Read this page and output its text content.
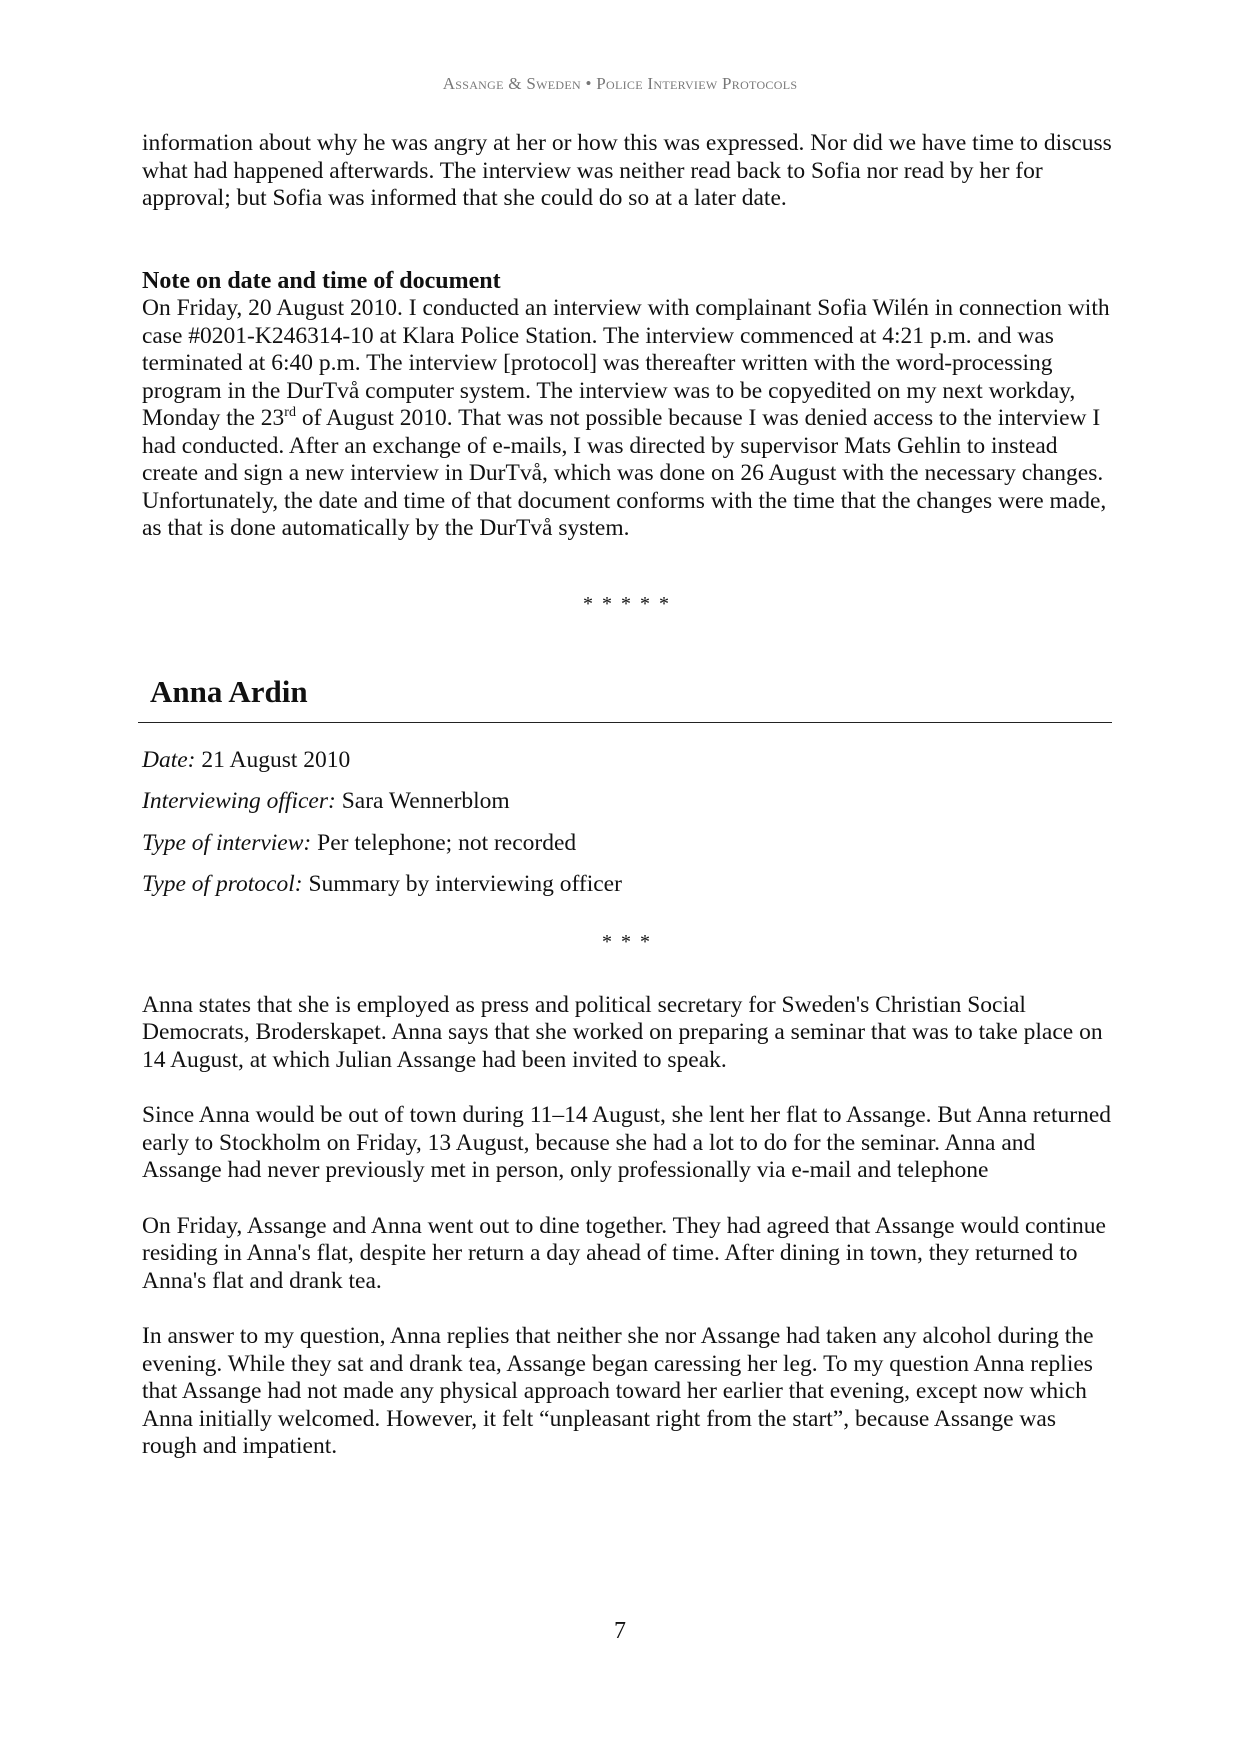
Assange & Sweden • Police Interview Protocols

information about why he was angry at her or how this was expressed. Nor did we have time to discuss what had happened afterwards. The interview was neither read back to Sofia nor read by her for approval; but Sofia was informed that she could do so at a later date.

Note on date and time of document

On Friday, 20 August 2010. I conducted an interview with complainant Sofia Wilén in connection with case #0201-K246314-10 at Klara Police Station. The interview commenced at 4:21 p.m. and was terminated at 6:40 p.m. The interview [protocol] was thereafter written with the word-processing program in the DurTvå computer system. The interview was to be copyedited on my next workday, Monday the 23rd of August 2010. That was not possible because I was denied access to the interview I had conducted. After an exchange of e-mails, I was directed by supervisor Mats Gehlin to instead create and sign a new interview in DurTvå, which was done on 26 August with the necessary changes. Unfortunately, the date and time of that document conforms with the time that the changes were made, as that is done automatically by the DurTvå system.

* * * * *
Anna Ardin

Date: 21 August 2010

Interviewing officer: Sara Wennerblom

Type of interview: Per telephone; not recorded

Type of protocol: Summary by interviewing officer

* * *

Anna states that she is employed as press and political secretary for Sweden's Christian Social Democrats, Broderskapet. Anna says that she worked on preparing a seminar that was to take place on 14 August, at which Julian Assange had been invited to speak.

Since Anna would be out of town during 11–14 August, she lent her flat to Assange. But Anna returned early to Stockholm on Friday, 13 August, because she had a lot to do for the seminar. Anna and Assange had never previously met in person, only professionally via e-mail and telephone

On Friday, Assange and Anna went out to dine together. They had agreed that Assange would continue residing in Anna's flat, despite her return a day ahead of time. After dining in town, they returned to Anna's flat and drank tea.

In answer to my question, Anna replies that neither she nor Assange had taken any alcohol during the evening. While they sat and drank tea, Assange began caressing her leg. To my question Anna replies that Assange had not made any physical approach toward her earlier that evening, except now which Anna initially welcomed. However, it felt “unpleasant right from the start”, because Assange was rough and impatient.

7
